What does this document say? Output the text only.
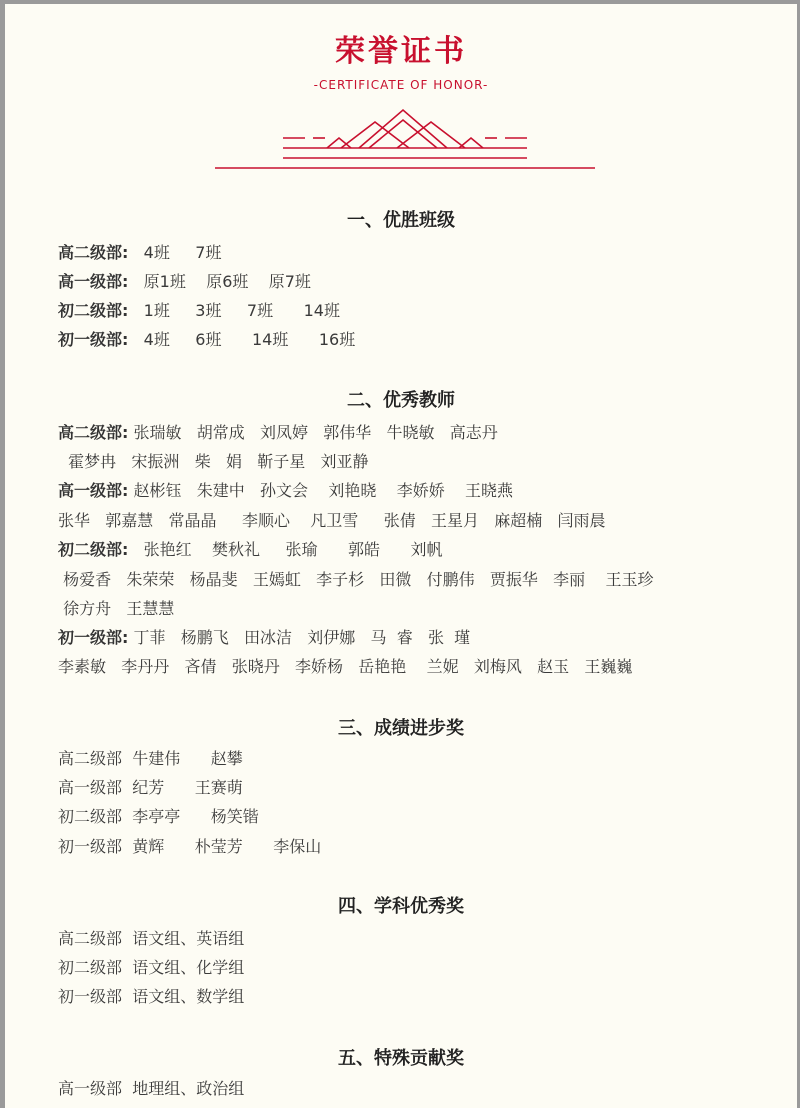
荣誉证书
-CERTIFICATE OF HONOR-
一、优胜班级
高二级部: 4班     7班
高一级部: 原1班    原6班    原7班
初二级部: 1班     3班     7班      14班
初一级部: 4班     6班      14班      16班
二、优秀教师
高二级部: 张瑞敏   胡常成   刘凤婷   郭伟华   牛晓敏   高志丹
霍梦冉   宋振洲   柴   娟   靳子星   刘亚静
高一级部: 赵彬钰   朱建中   孙文会    刘艳晓    李娇娇    王晓燕
张华   郭嘉慧   常晶晶     李顺心    凡卫雪     张倩   王星月   麻超楠   闫雨晨
初二级部: 张艳红    樊秋礼     张瑜      郭皓      刘帆
杨爱香   朱荣荣   杨晶斐   王嫣虹   李子杉   田微   付鹏伟   贾振华   李丽    王玉珍
徐方舟   王慧慧
初一级部: 丁菲   杨鹏飞   田冰洁   刘伊娜   马  睿   张  瑾
李素敏   李丹丹   吝倩   张晓丹   李娇杨   岳艳艳    兰妮   刘梅风   赵玉   王巍巍
三、成绩进步奖
高二级部 牛建伟      赵攀
高一级部 纪芳      王赛萌
初二级部 李亭亭      杨笑锴
初一级部 黄辉      朴莹芳      李保山
四、学科优秀奖
高二级部 语文组、英语组
初二级部 语文组、化学组
初一级部 语文组、数学组
五、特殊贡献奖
高一级部 地理组、政治组
